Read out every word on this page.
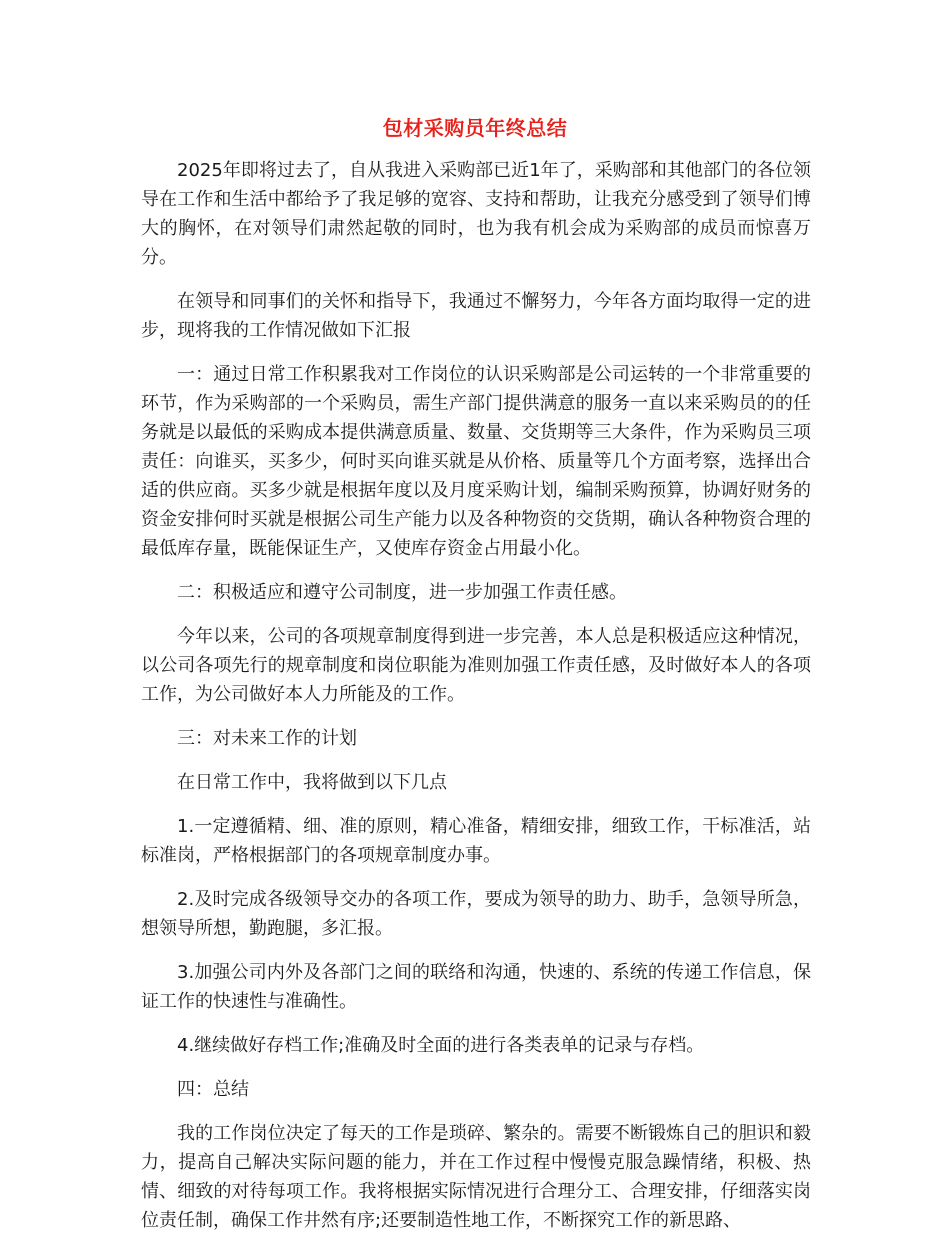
包材采购员年终总结

2025年即将过去了，自从我进入采购部已近1年了，采购部和其他部门的各位领导在工作和生活中都给予了我足够的宽容、支持和帮助，让我充分感受到了领导们博大的胸怀，在对领导们肃然起敬的同时，也为我有机会成为采购部的成员而惊喜万分。

在领导和同事们的关怀和指导下，我通过不懈努力，今年各方面均取得一定的进步，现将我的工作情况做如下汇报

一：通过日常工作积累我对工作岗位的认识采购部是公司运转的一个非常重要的环节，作为采购部的一个采购员，需生产部门提供满意的服务一直以来采购员的的任务就是以最低的采购成本提供满意质量、数量、交货期等三大条件，作为采购员三项责任：向谁买，买多少，何时买向谁买就是从价格、质量等几个方面考察，选择出合适的供应商。买多少就是根据年度以及月度采购计划，编制采购预算，协调好财务的资金安排何时买就是根据公司生产能力以及各种物资的交货期，确认各种物资合理的最低库存量，既能保证生产，又使库存资金占用最小化。

二：积极适应和遵守公司制度，进一步加强工作责任感。

今年以来，公司的各项规章制度得到进一步完善，本人总是积极适应这种情况，以公司各项先行的规章制度和岗位职能为准则加强工作责任感，及时做好本人的各项工作，为公司做好本人力所能及的工作。

三：对未来工作的计划

在日常工作中，我将做到以下几点

1.一定遵循精、细、准的原则，精心准备，精细安排，细致工作，干标准活，站标准岗，严格根据部门的各项规章制度办事。

2.及时完成各级领导交办的各项工作，要成为领导的助力、助手，急领导所急，想领导所想，勤跑腿，多汇报。

3.加强公司内外及各部门之间的联络和沟通，快速的、系统的传递工作信息，保证工作的快速性与准确性。

4.继续做好存档工作;准确及时全面的进行各类表单的记录与存档。

四：总结

我的工作岗位决定了每天的工作是琐碎、繁杂的。需要不断锻炼自己的胆识和毅力，提高自己解决实际问题的能力，并在工作过程中慢慢克服急躁情绪，积极、热情、细致的对待每项工作。我将根据实际情况进行合理分工、合理安排，仔细落实岗位责任制，确保工作井然有序;还要制造性地工作，不断探究工作的新思路、
